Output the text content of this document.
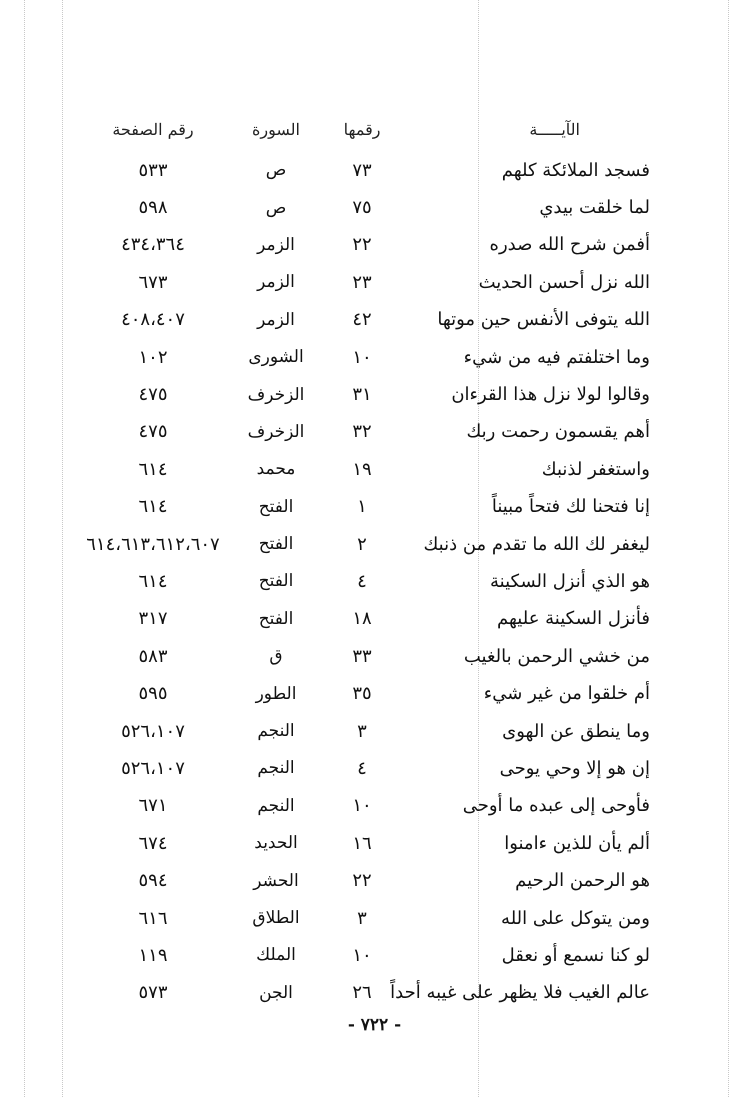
الآيـــــة
رقمها
السورة
رقم الصفحة
فسجد الملائكة كلهم
٧٣
ص
٥٣٣
لما خلقت بيدي
٧٥
ص
٥٩٨
أفمن شرح الله صدره
٢٢
الزمر
٤٣٤،٣٦٤
الله نزل أحسن الحديث
٢٣
الزمر
٦٧٣
الله يتوفى الأنفس حين موتها
٤٢
الزمر
٤٠٨،٤٠٧
وما اختلفتم فيه من شيء
١٠
الشورى
١٠٢
وقالوا لولا نزل هذا القرءان
٣١
الزخرف
٤٧٥
أهم يقسمون رحمت ربك
٣٢
الزخرف
٤٧٥
واستغفر لذنبك
١٩
محمد
٦١٤
إنا فتحنا لك فتحاً مبيناً
١
الفتح
٦١٤
ليغفر لك الله ما تقدم من ذنبك
٢
الفتح
٦١٤،٦١٣،٦١٢،٦٠٧
هو الذي أنزل السكينة
٤
الفتح
٦١٤
فأنزل السكينة عليهم
١٨
الفتح
٣١٧
من خشي الرحمن بالغيب
٣٣
ق
٥٨٣
أم خلقوا من غير شيء
٣٥
الطور
٥٩٥
وما ينطق عن الهوى
٣
النجم
٥٢٦،١٠٧
إن هو إلا وحي يوحى
٤
النجم
٥٢٦،١٠٧
فأوحى إلى عبده ما أوحى
١٠
النجم
٦٧١
ألم يأن للذين ءامنوا
١٦
الحديد
٦٧٤
هو الرحمن الرحيم
٢٢
الحشر
٥٩٤
ومن يتوكل على الله
٣
الطلاق
٦١٦
لو كنا نسمع أو نعقل
١٠
الملك
١١٩
عالم الغيب فلا يظهر على غيبه أحداً
٢٦
الجن
٥٧٣
- ٧٢٢ -
